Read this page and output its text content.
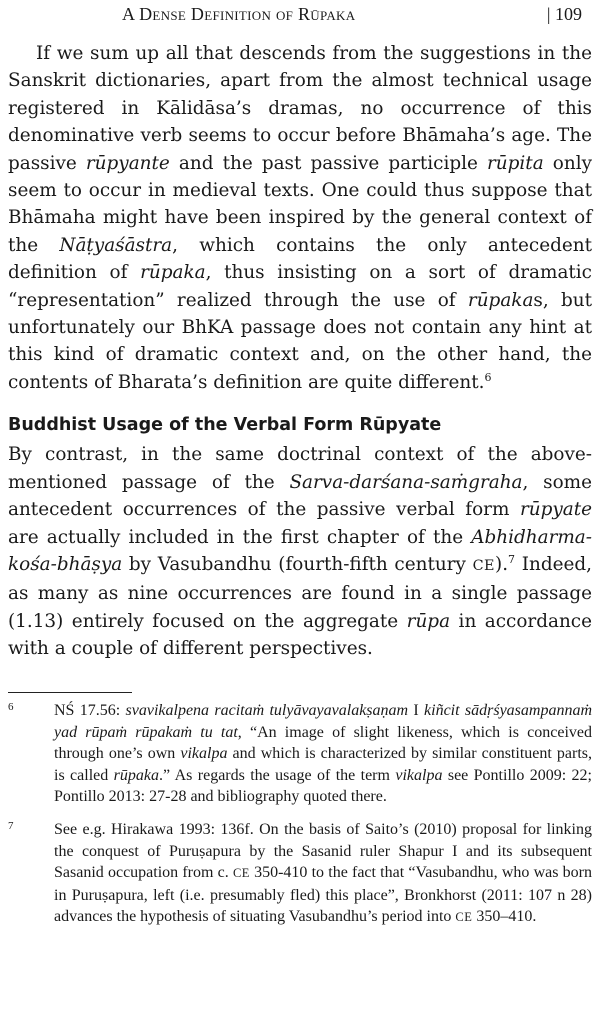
A Dense Definition of Rūpaka	| 109

If we sum up all that descends from the suggestions in the Sanskrit dictionaries, apart from the almost technical usage registered in Kālidāsa’s dramas, no occurrence of this denominative verb seems to occur before Bhāmaha’s age. The passive rūpyante and the past passive participle rūpita only seem to occur in medieval texts. One could thus suppose that Bhāmaha might have been inspired by the general context of the Nāṭyaśāstra, which contains the only antecedent definition of rūpaka, thus insisting on a sort of dramatic “representation” realized through the use of rūpakas, but unfortunately our BhKA passage does not contain any hint at this kind of dramatic context and, on the other hand, the contents of Bharata’s definition are quite different.$^6$

Buddhist Usage of the Verbal Form Rūpyate

By contrast, in the same doctrinal context of the above-mentioned passage of the Sarva-darśana-saṁgraha, some antecedent occurrences of the passive verbal form rūpyate are actually included in the first chapter of the Abhidharma-kośa-bhāṣya by Vasubandhu (fourth-fifth century CE).$^7$ Indeed, as many as nine occurrences are found in a single passage (1.13) entirely focused on the aggregate rūpa in accordance with a couple of different perspectives.

6	NŚ 17.56: svavikalpena racitaṁ tulyāvayavalakṣaṇam I kiñcit sādṛśyasampannaṁ yad rūpaṁ rūpakaṁ tu tat, “An image of slight likeness, which is conceived through one’s own vikalpa and which is characterized by similar constituent parts, is called rūpaka.” As regards the usage of the term vikalpa see Pontillo 2009: 22; Pontillo 2013: 27-28 and bibliography quoted there.
7	See e.g. Hirakawa 1993: 136f. On the basis of Saito’s (2010) proposal for linking the conquest of Puruṣapura by the Sasanid ruler Shapur I and its subsequent Sasanid occupation from c. CE 350-410 to the fact that “Vasubandhu, who was born in Puruṣapura, left (i.e. presumably fled) this place”, Bronkhorst (2011: 107 n 28) advances the hypothesis of situating Vasubandhu’s period into CE 350–410.
